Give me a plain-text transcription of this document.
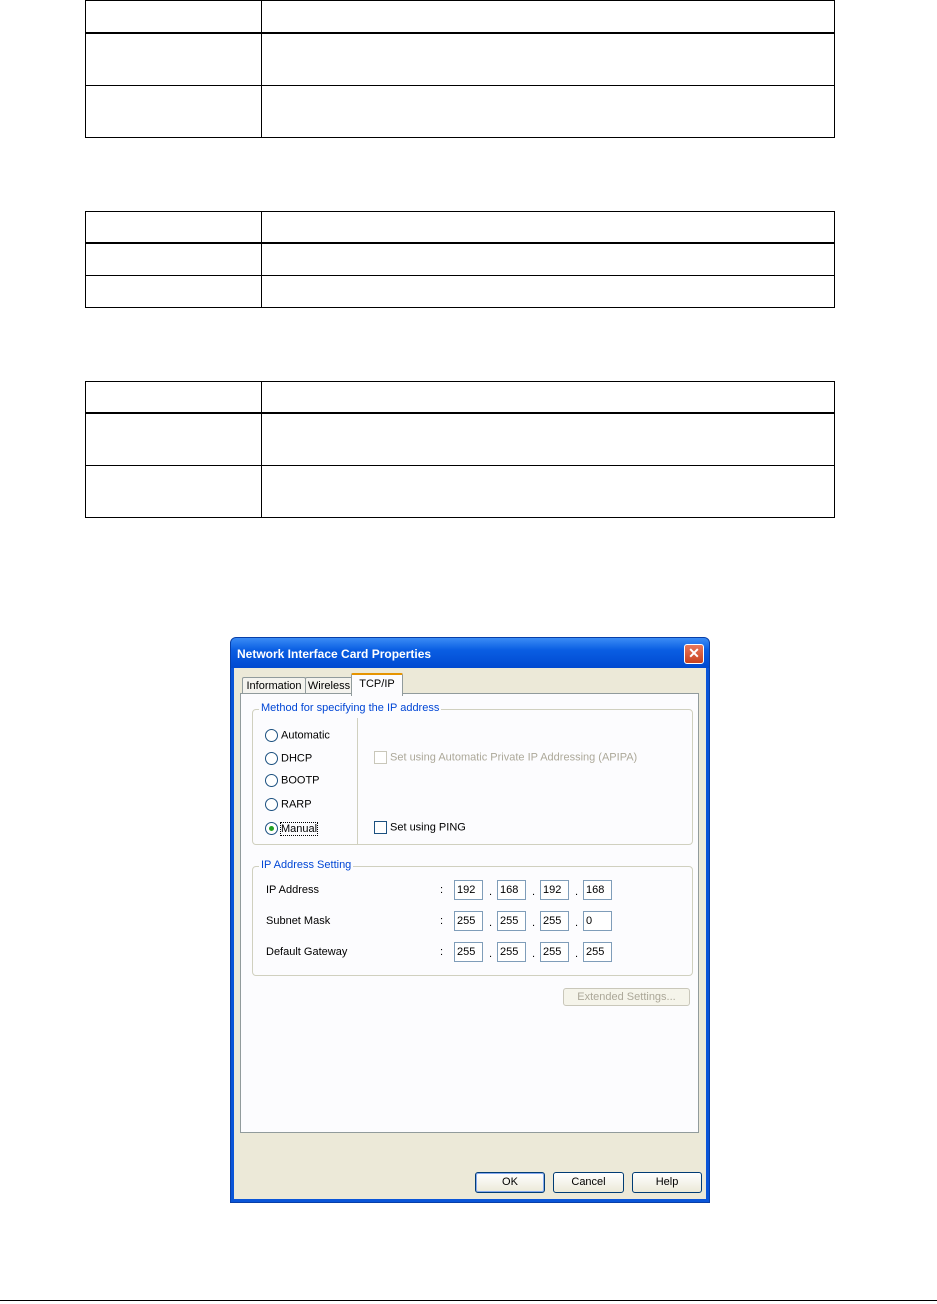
Network Interface Card Properties	✕
Information Wireless TCP/IP
Method for specifying the IP address
Automatic
DHCP
BOOTP
RARP
Manual
Set using Automatic Private IP Addressing (APIPA)
Set using PING
IP Address Setting
IP Address	: 192	. 168	. 192	. 168
Subnet Mask	: 255	. 255	. 255	. 0
Default Gateway	: 255	. 255	. 255	. 255
Extended Settings...
OK	Cancel	Help
